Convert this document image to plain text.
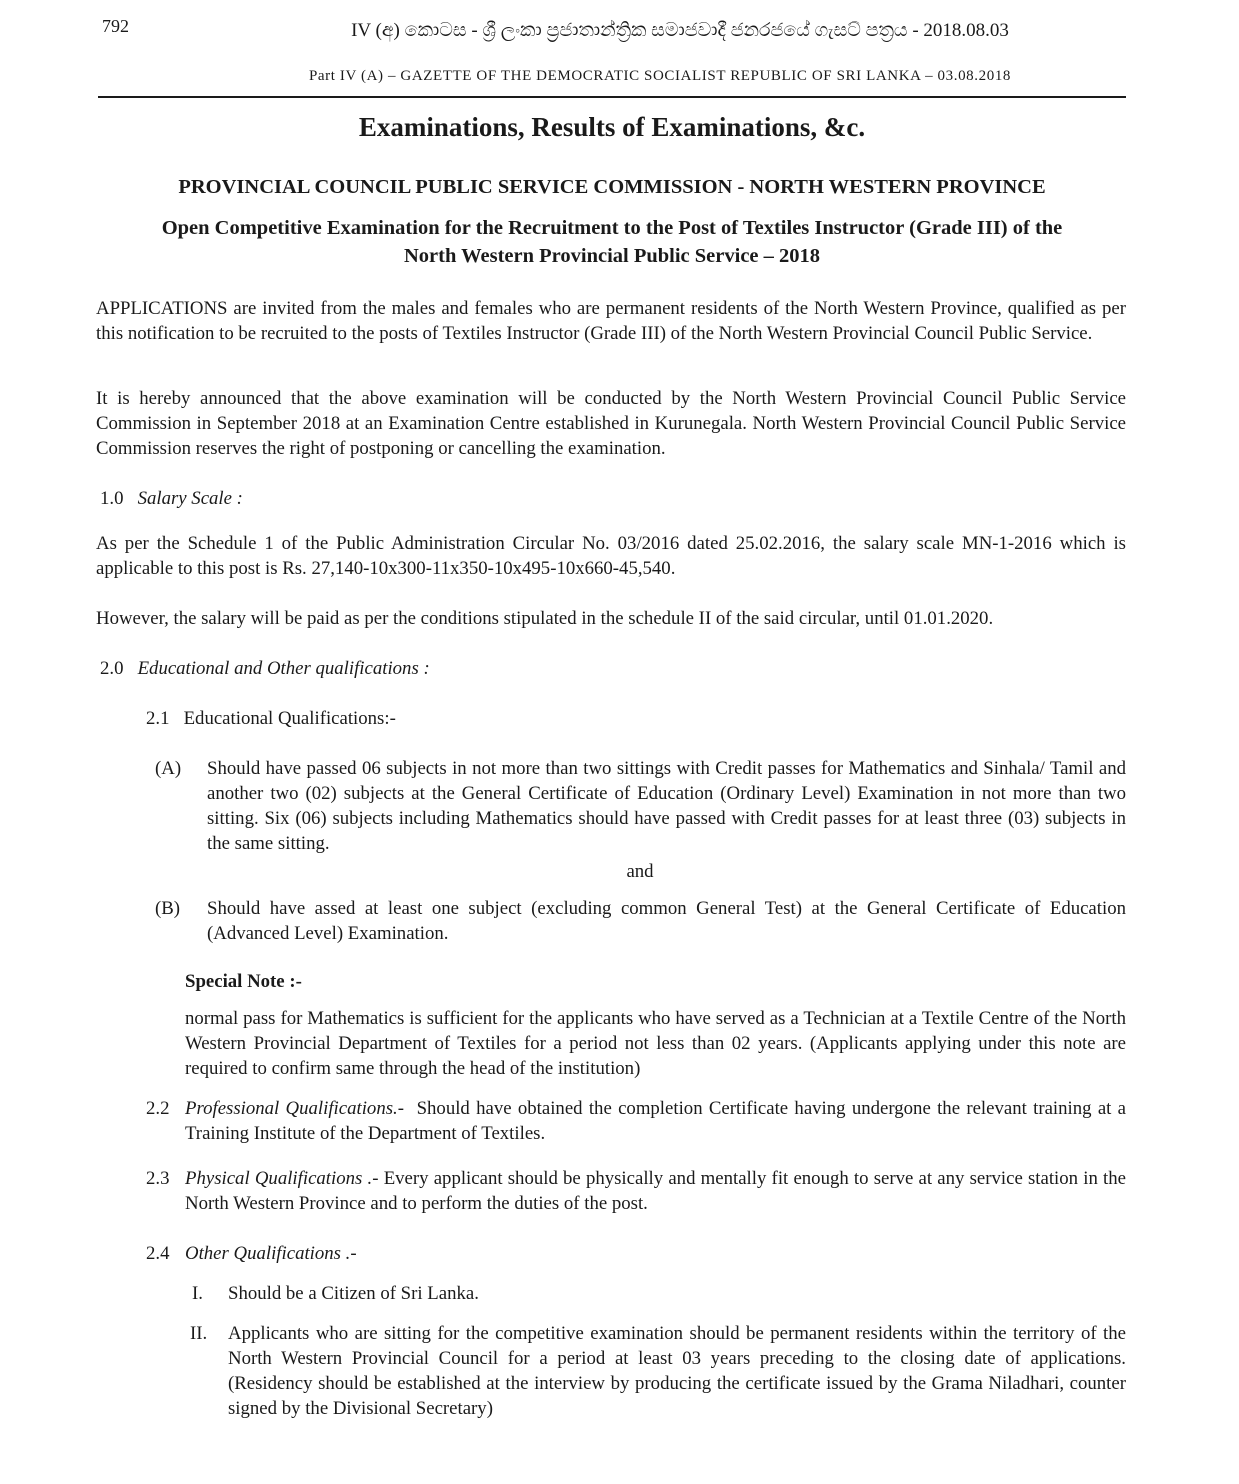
792	IV (අ) කොටස - ශ්‍රී ලංකා ප්‍රජාතාන්ත්‍රික සමාජවාදී ජනරජයේ ගැසට් පත්‍රය - 2018.08.03
Part IV (A) – GAZETTE OF THE DEMOCRATIC SOCIALIST REPUBLIC OF SRI LANKA – 03.08.2018
Examinations, Results of Examinations, &c.
PROVINCIAL COUNCIL PUBLIC SERVICE COMMISSION - NORTH WESTERN PROVINCE
Open Competitive Examination for the Recruitment to the Post of Textiles Instructor (Grade III) of the
North Western Provincial Public Service – 2018
APPLICATIONS are invited from the males and females who are permanent residents of the North Western Province, qualified as per this notification to be recruited to the posts of Textiles Instructor (Grade III) of the North Western Provincial Council Public Service.
It is hereby announced that the above examination will be conducted by the North Western Provincial Council Public Service Commission in September 2018 at an Examination Centre established in Kurunegala. North Western Provincial Council Public Service Commission reserves the right of postponing or cancelling the examination.
1.0 Salary Scale :
As per the Schedule 1 of the Public Administration Circular No. 03/2016 dated 25.02.2016, the salary scale MN-1-2016 which is applicable to this post is Rs. 27,140-10x300-11x350-10x495-10x660-45,540.
However, the salary will be paid as per the conditions stipulated in the schedule II of the said circular, until 01.01.2020.
2.0 Educational and Other qualifications :
2.1 Educational Qualifications:-
(A) Should have passed 06 subjects in not more than two sittings with Credit passes for Mathematics and Sinhala/ Tamil and another two (02) subjects at the General Certificate of Education (Ordinary Level) Examination in not more than two sitting. Six (06) subjects including Mathematics should have passed with Credit passes for at least three (03) subjects in the same sitting.
and
(B) Should have assed at least one subject (excluding common General Test) at the General Certificate of Education (Advanced Level) Examination.
Special Note :-
normal pass for Mathematics is sufficient for the applicants who have served as a Technician at a Textile Centre of the North Western Provincial Department of Textiles for a period not less than 02 years. (Applicants applying under this note are required to confirm same through the head of the institution)
2.2 Professional Qualifications.- Should have obtained the completion Certificate having undergone the relevant training at a Training Institute of the Department of Textiles.
2.3 Physical Qualifications .- Every applicant should be physically and mentally fit enough to serve at any service station in the North Western Province and to perform the duties of the post.
2.4 Other Qualifications .-
I. Should be a Citizen of Sri Lanka.
II. Applicants who are sitting for the competitive examination should be permanent residents within the territory of the North Western Provincial Council for a period at least 03 years preceding to the closing date of applications. (Residency should be established at the interview by producing the certificate issued by the Grama Niladhari, counter signed by the Divisional Secretary)
